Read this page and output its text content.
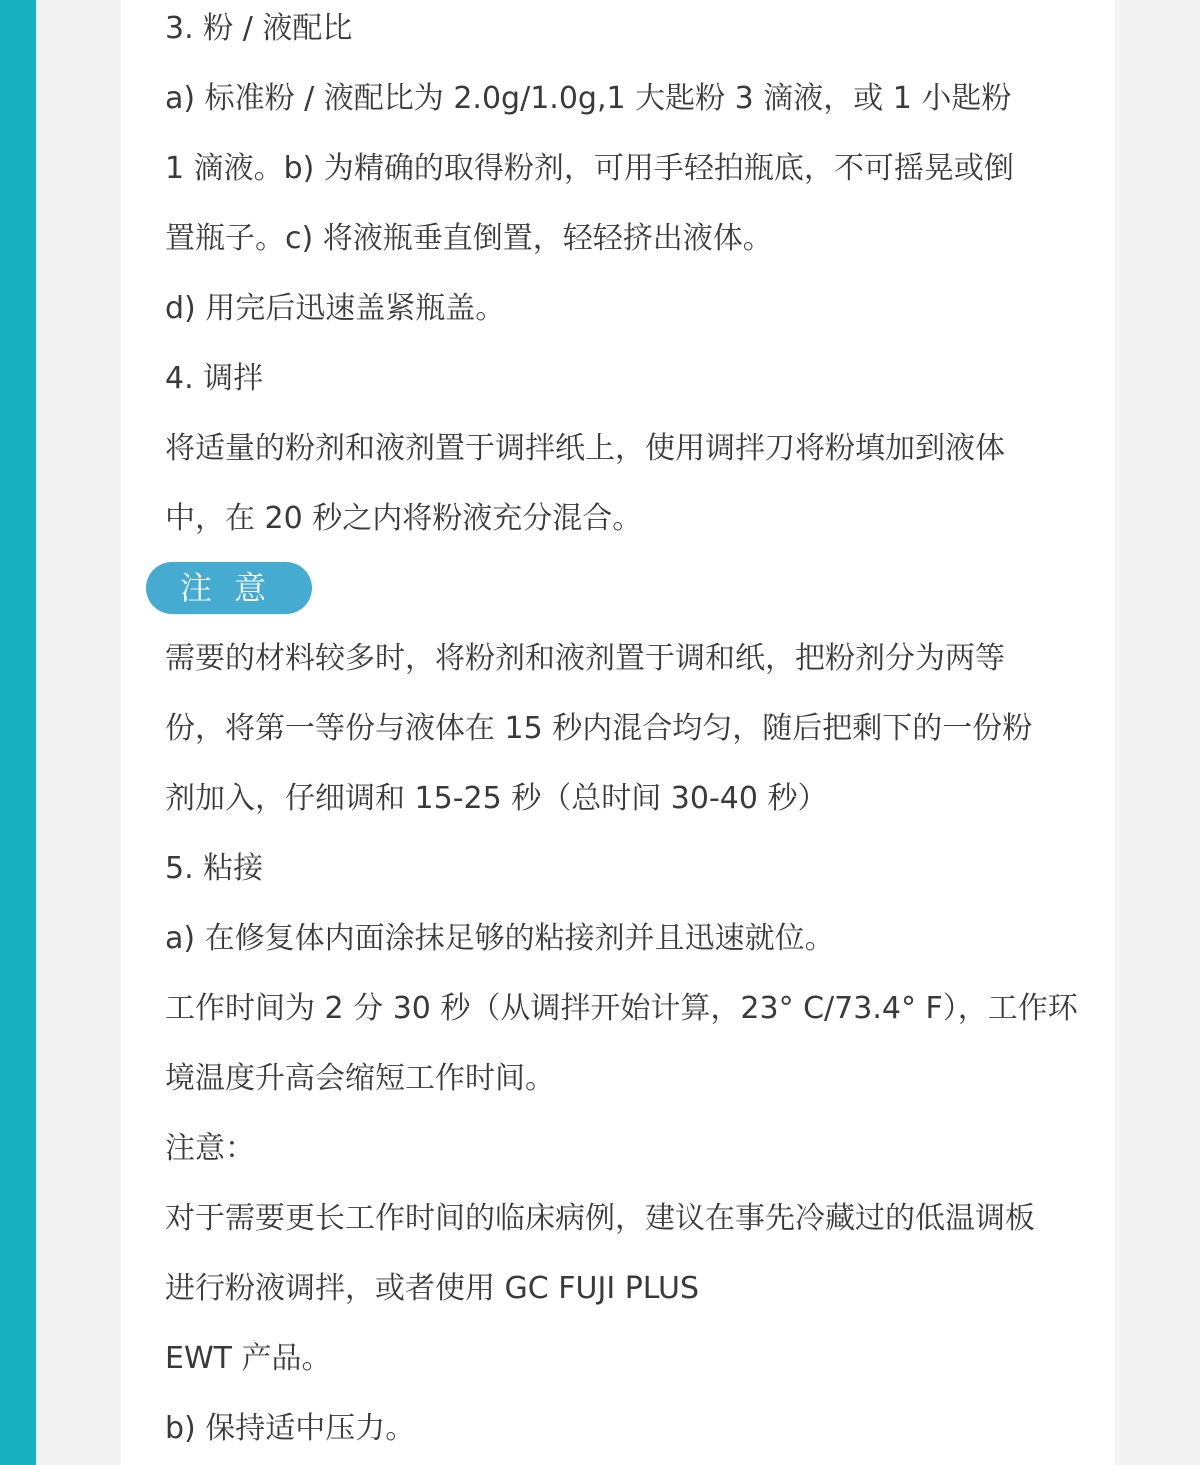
3. 粉 / 液配比

a) 标准粉 / 液配比为 2.0g/1.0g,1 大匙粉 3 滴液，或 1 小匙粉

1 滴液。b) 为精确的取得粉剂，可用手轻拍瓶底，不可摇晃或倒

置瓶子。c) 将液瓶垂直倒置，轻轻挤出液体。

d) 用完后迅速盖紧瓶盖。

4. 调拌

将适量的粉剂和液剂置于调拌纸上，使用调拌刀将粉填加到液体

中，在 20 秒之内将粉液充分混合。

注 意

需要的材料较多时，将粉剂和液剂置于调和纸，把粉剂分为两等

份，将第一等份与液体在 15 秒内混合均匀，随后把剩下的一份粉

剂加入，仔细调和 15-25 秒（总时间 30-40 秒）

5. 粘接

a) 在修复体内面涂抹足够的粘接剂并且迅速就位。

工作时间为 2 分 30 秒（从调拌开始计算，23° C/73.4° F），工作环

境温度升高会缩短工作时间。

注意：

对于需要更长工作时间的临床病例，建议在事先冷藏过的低温调板

进行粉液调拌，或者使用 GC FUJI PLUS

EWT 产品。

b) 保持适中压力。
